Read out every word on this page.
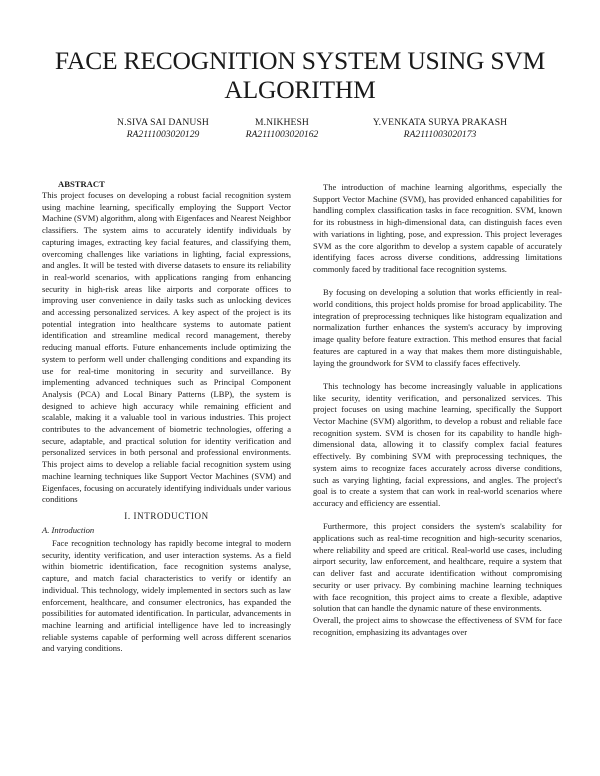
FACE RECOGNITION SYSTEM USING SVM
ALGORITHM
N.SIVA SAI DANUSH
RA2111003020129
M.NIKHESH
RA2111003020162
Y.VENKATA SURYA PRAKASH
RA2111003020173
ABSTRACT

This project focuses on developing a robust facial recognition system using machine learning, specifically employing the Support Vector Machine (SVM) algorithm, along with Eigenfaces and Nearest Neighbor classifiers. The system aims to accurately identify individuals by capturing images, extracting key facial features, and classifying them, overcoming challenges like variations in lighting, facial expressions, and angles. It will be tested with diverse datasets to ensure its reliability in real-world scenarios, with applications ranging from enhancing security in high-risk areas like airports and corporate offices to improving user convenience in daily tasks such as unlocking devices and accessing personalized services. A key aspect of the project is its potential integration into healthcare systems to automate patient identification and streamline medical record management, thereby reducing manual efforts. Future enhancements include optimizing the system to perform well under challenging conditions and expanding its use for real-time monitoring in security and surveillance. By implementing advanced techniques such as Principal Component Analysis (PCA) and Local Binary Patterns (LBP), the system is designed to achieve high accuracy while remaining efficient and scalable, making it a valuable tool in various industries. This project contributes to the advancement of biometric technologies, offering a secure, adaptable, and practical solution for identity verification and personalized services in both personal and professional environments. This project aims to develop a reliable facial recognition system using machine learning techniques like Support Vector Machines (SVM) and Eigenfaces, focusing on accurately identifying individuals under various conditions

I. INTRODUCTION
A. Introduction

Face recognition technology has rapidly become integral to modern security, identity verification, and user interaction systems. As a field within biometric identification, face recognition systems analyse, capture, and match facial characteristics to verify or identify an individual. This technology, widely implemented in sectors such as law enforcement, healthcare, and consumer electronics, has expanded the possibilities for automated identification. In particular, advancements in machine learning and artificial intelligence have led to increasingly reliable systems capable of performing well across different scenarios and varying conditions.

The introduction of machine learning algorithms, especially the Support Vector Machine (SVM), has provided enhanced capabilities for handling complex classification tasks in face recognition. SVM, known for its robustness in high-dimensional data, can distinguish faces even with variations in lighting, pose, and expression. This project leverages SVM as the core algorithm to develop a system capable of accurately identifying faces across diverse conditions, addressing limitations commonly faced by traditional face recognition systems.

By focusing on developing a solution that works efficiently in real-world conditions, this project holds promise for broad applicability. The integration of preprocessing techniques like histogram equalization and normalization further enhances the system's accuracy by improving image quality before feature extraction. This method ensures that facial features are captured in a way that makes them more distinguishable, laying the groundwork for SVM to classify faces effectively.

This technology has become increasingly valuable in applications like security, identity verification, and personalized services. This project focuses on using machine learning, specifically the Support Vector Machine (SVM) algorithm, to develop a robust and reliable face recognition system. SVM is chosen for its capability to handle high-dimensional data, allowing it to classify complex facial features effectively. By combining SVM with preprocessing techniques, the system aims to recognize faces accurately across diverse conditions, such as varying lighting, facial expressions, and angles. The project's goal is to create a system that can work in real-world scenarios where accuracy and efficiency are essential.

Furthermore, this project considers the system's scalability for applications such as real-time recognition and high-security scenarios, where reliability and speed are critical. Real-world use cases, including airport security, law enforcement, and healthcare, require a system that can deliver fast and accurate identification without compromising security or user privacy. By combining machine learning techniques with face recognition, this project aims to create a flexible, adaptive solution that can handle the dynamic nature of these environments.

Overall, the project aims to showcase the effectiveness of SVM for face recognition, emphasizing its advantages over
